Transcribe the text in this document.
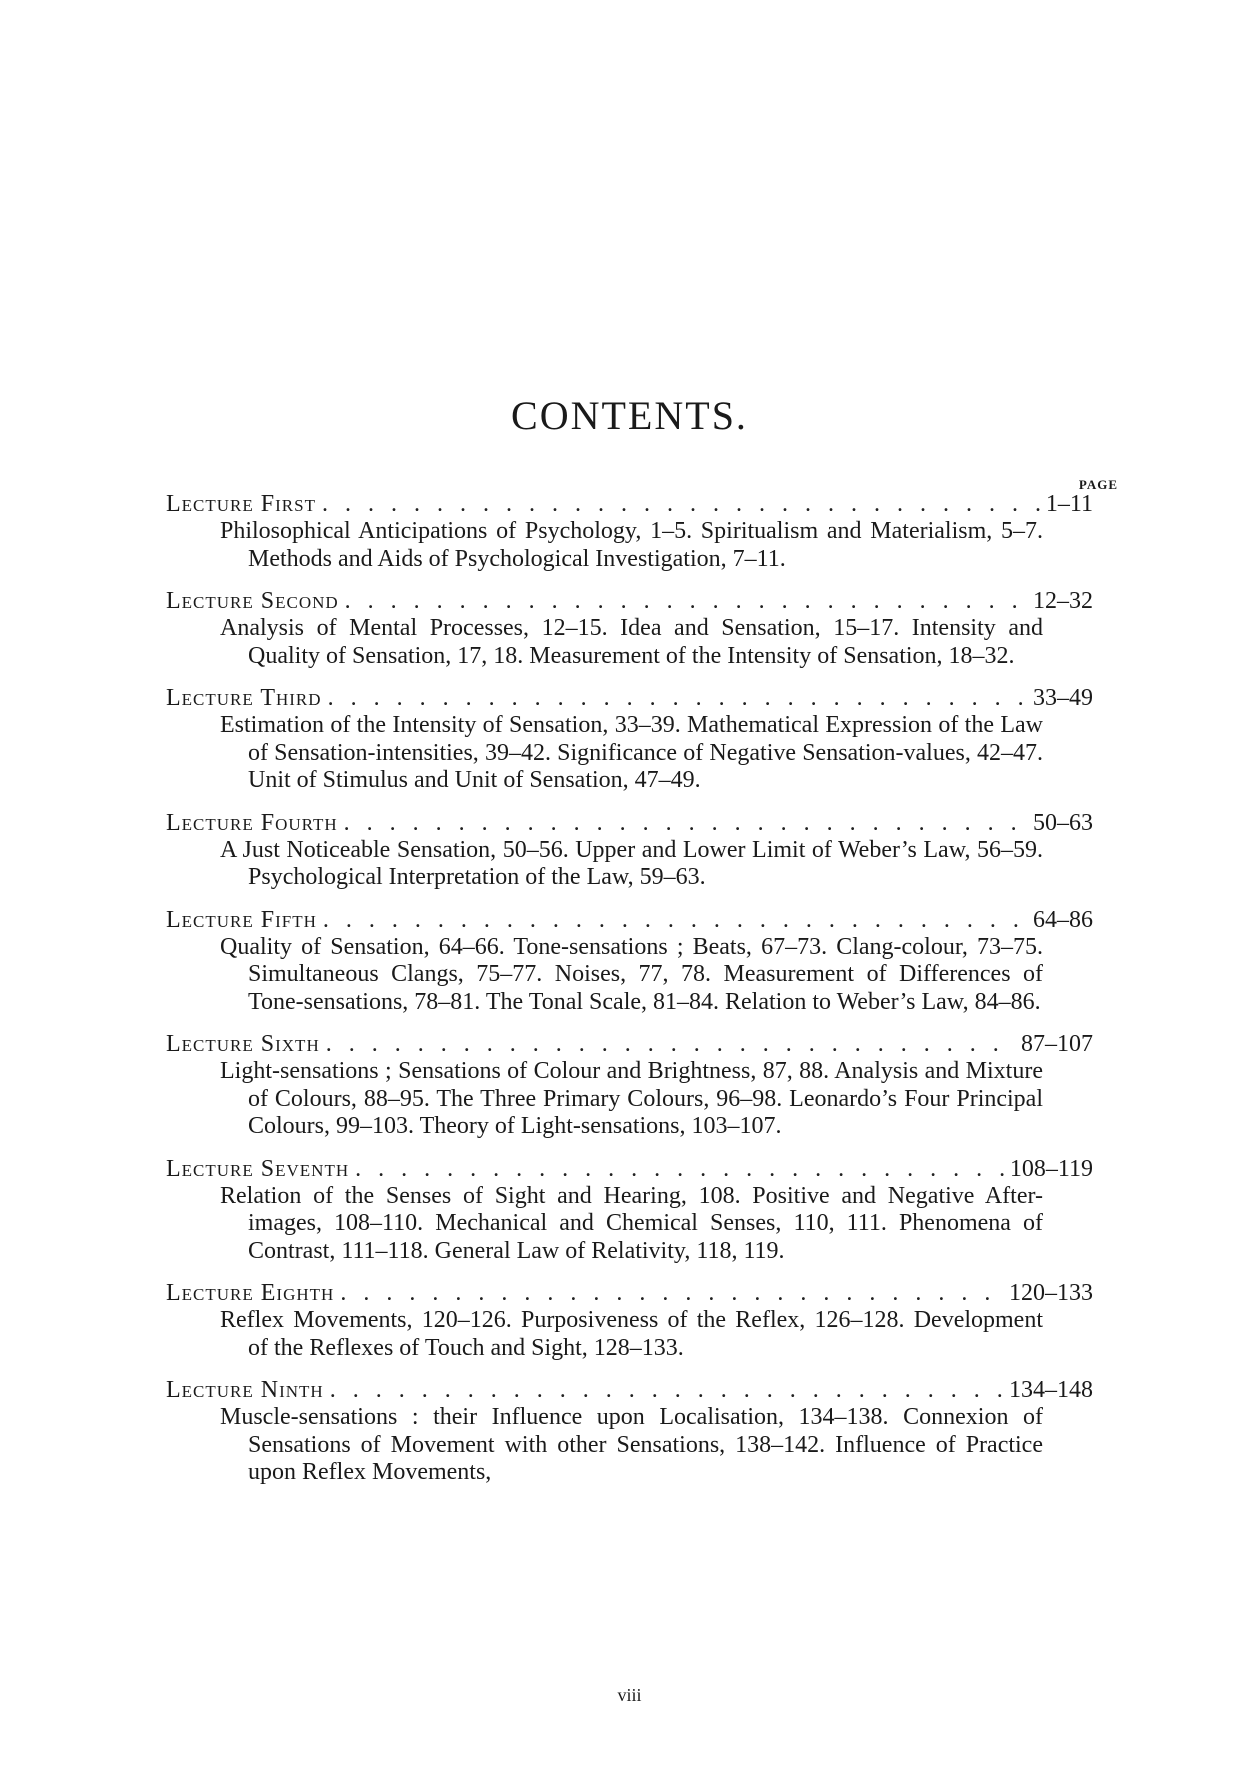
CONTENTS.
PAGE
Lecture First .....	1–11
Philosophical Anticipations of Psychology, 1–5. Spiritualism and Materialism, 5–7. Methods and Aids of Psychological Investigation, 7–11.
Lecture Second .....	12–32
Analysis of Mental Processes, 12–15. Idea and Sensation, 15–17. Intensity and Quality of Sensation, 17, 18. Measurement of the Intensity of Sensation, 18–32.
Lecture Third .....	33–49
Estimation of the Intensity of Sensation, 33–39. Mathematical Expression of the Law of Sensation-intensities, 39–42. Significance of Negative Sensation-values, 42–47. Unit of Stimulus and Unit of Sensation, 47–49.
Lecture Fourth .....	50–63
A Just Noticeable Sensation, 50–56. Upper and Lower Limit of Weber’s Law, 56–59. Psychological Interpretation of the Law, 59–63.
Lecture Fifth .....	64–86
Quality of Sensation, 64–66. Tone-sensations ; Beats, 67–73. Clang-colour, 73–75. Simultaneous Clangs, 75–77. Noises, 77, 78. Measurement of Differences of Tone-sensations, 78–81. The Tonal Scale, 81–84. Relation to Weber’s Law, 84–86.
Lecture Sixth .....	87–107
Light-sensations ; Sensations of Colour and Brightness, 87, 88. Analysis and Mixture of Colours, 88–95. The Three Primary Colours, 96–98. Leonardo’s Four Principal Colours, 99–103. Theory of Light-sensations, 103–107.
Lecture Seventh .....	108–119
Relation of the Senses of Sight and Hearing, 108. Positive and Negative After-images, 108–110. Mechanical and Chemical Senses, 110, 111. Phenomena of Contrast, 111–118. General Law of Relativity, 118, 119.
Lecture Eighth .....	120–133
Reflex Movements, 120–126. Purposiveness of the Reflex, 126–128. Development of the Reflexes of Touch and Sight, 128–133.
Lecture Ninth .....	134–148
Muscle-sensations : their Influence upon Localisation, 134–138. Connexion of Sensations of Movement with other Sensations, 138–142. Influence of Practice upon Reflex Movements,
viii
